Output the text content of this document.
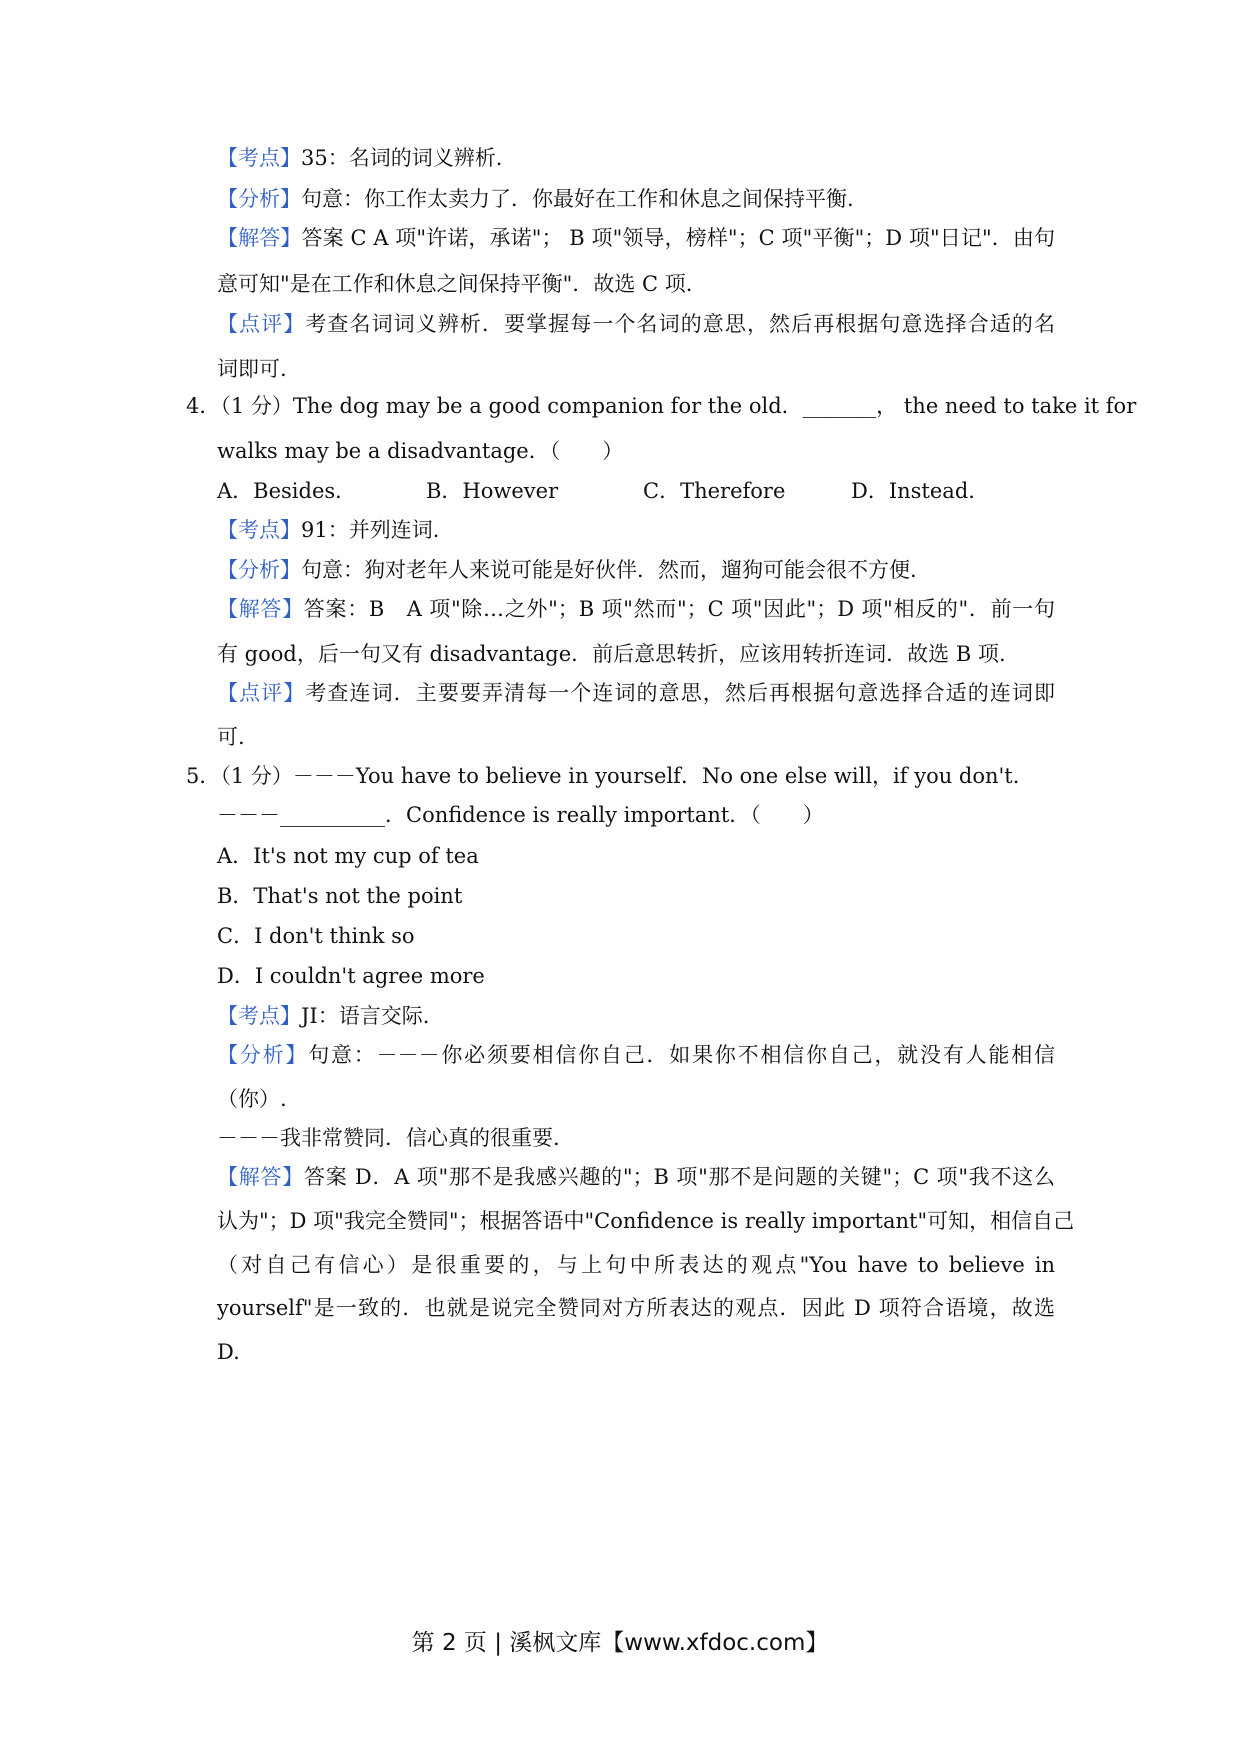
【考点】35：名词的词义辨析.
【分析】句意：你工作太卖力了．你最好在工作和休息之间保持平衡.
【解答】答案 C A 项"许诺，承诺"； B 项"领导，榜样"；C 项"平衡"；D 项"日记"．由句
意可知"是在工作和休息之间保持平衡"．故选 C 项.
【点评】考查名词词义辨析．要掌握每一个名词的意思，然后再根据句意选择合适的名
词即可.
4．（1 分）The dog may be a good companion for the old．_______， the need to take it for
walks may be a disadvantage．（　　）
A．Besides．	B．However	C．Therefore	D．Instead.
【考点】91：并列连词.
【分析】句意：狗对老年人来说可能是好伙伴．然而，遛狗可能会很不方便.
【解答】答案：B　A 项"除…之外"；B 项"然而"；C 项"因此"；D 项"相反的"．前一句
有 good，后一句又有 disadvantage．前后意思转折，应该用转折连词．故选 B 项.
【点评】考查连词．主要要弄清每一个连词的意思，然后再根据句意选择合适的连词即
可.
5．（1 分）－－－You have to believe in yourself．No one else will，if you don't.
－－－__________．Confidence is really important．（　　）
A．It's not my cup of tea
B．That's not the point
C．I don't think so
D．I couldn't agree more
【考点】JI：语言交际.
【分析】句意：－－－你必须要相信你自己．如果你不相信你自己，就没有人能相信
（你）.
－－－我非常赞同．信心真的很重要.
【解答】答案 D．A 项"那不是我感兴趣的"；B 项"那不是问题的关键"；C 项"我不这么
认为"；D 项"我完全赞同"；根据答语中"Confidence is really important"可知，相信自己
（对自己有信心）是很重要的，与上句中所表达的观点"You have to believe in
yourself"是一致的．也就是说完全赞同对方所表达的观点．因此 D 项符合语境，故选
D.
第 2 页 | 溪枫文库【www.xfdoc.com】
